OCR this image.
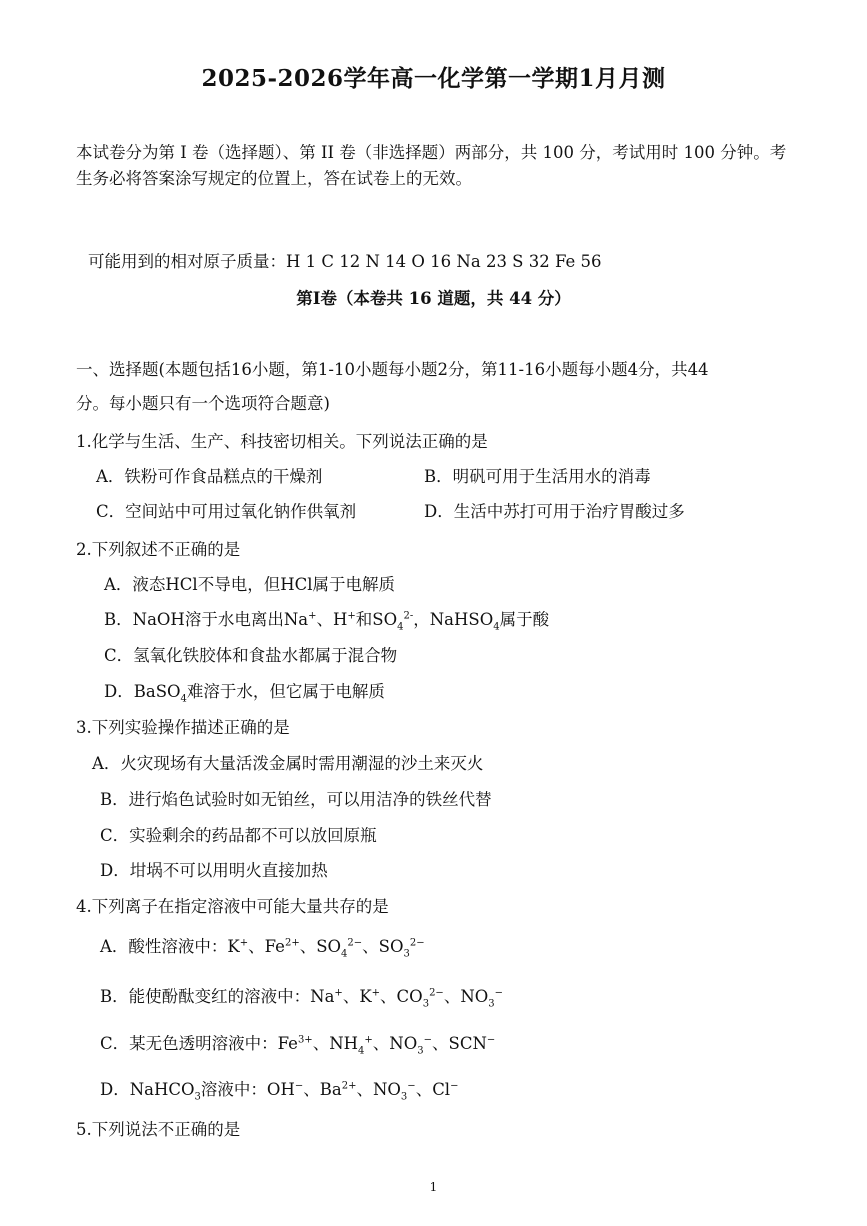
2025-2026学年高一化学第一学期1月月测
本试卷分为第 I 卷（选择题）、第 II 卷（非选择题）两部分，共 100 分，考试用时 100 分钟。考生务必将答案涂写规定的位置上，答在试卷上的无效。
可能用到的相对原子质量：H 1 C 12 N 14 O 16 Na 23 S 32 Fe 56
第I卷（本卷共 16 道题，共 44 分）
一、选择题(本题包括16小题，第1-10小题每小题2分，第11-16小题每小题4分，共44
分。每小题只有一个选项符合题意)
1.化学与生活、生产、科技密切相关。下列说法正确的是
A．铁粉可作食品糕点的干燥剂	B．明矾可用于生活用水的消毒
C．空间站中可用过氧化钠作供氧剂	D．生活中苏打可用于治疗胃酸过多
2.下列叙述不正确的是
A．液态HCl不导电，但HCl属于电解质
B．NaOH溶于水电离出Na+、H+和$SO_4^{2-}$，NaHSO$_4$属于酸
C．氢氧化铁胶体和食盐水都属于混合物
D．BaSO$_4$难溶于水，但它属于电解质
3.下列实验操作描述正确的是
A．火灾现场有大量活泼金属时需用潮湿的沙土来灭火
B．进行焰色试验时如无铂丝，可以用洁净的铁丝代替
C．实验剩余的药品都不可以放回原瓶
D．坩埚不可以用明火直接加热
4.下列离子在指定溶液中可能大量共存的是
A．酸性溶液中：K+、$Fe^{2+}$、$SO_4^{2-}$、$SO_3^{2-}$
B．能使酚酞变红的溶液中：Na+、K+、$CO_3^{2-}$、$NO_3^-$
C．某无色透明溶液中：$Fe^{3+}$、$NH_4^+$、$NO_3^-$、SCN−
D．NaHCO$_3$溶液中：OH−、$Ba^{2+}$、$NO_3^-$、Cl−
5.下列说法不正确的是
1
